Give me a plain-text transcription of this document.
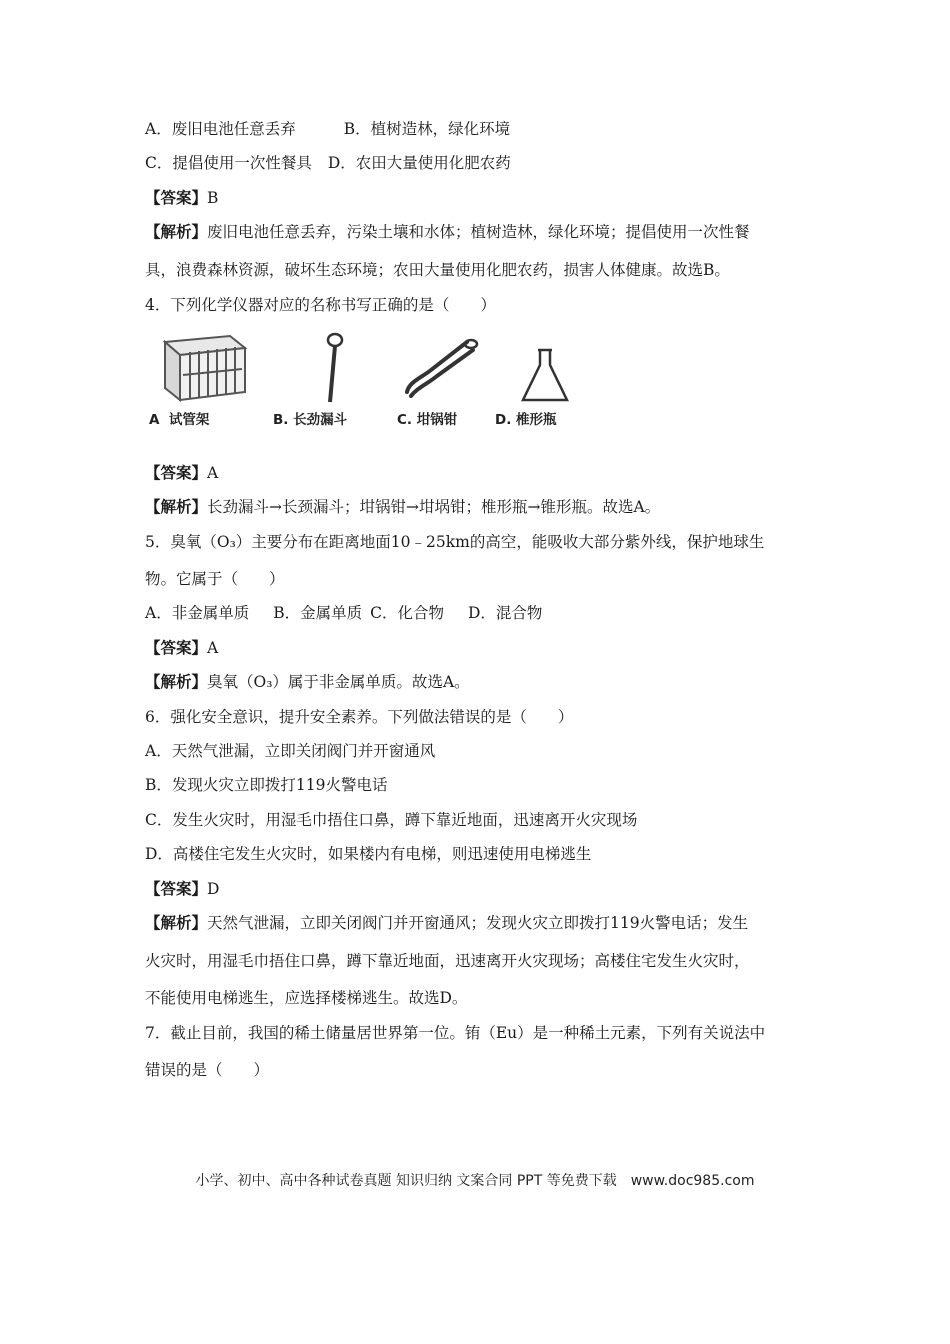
A．废旧电池任意丢弃	B．植树造林，绿化环境
C．提倡使用一次性餐具 D．农田大量使用化肥农药
【答案】B
【解析】废旧电池任意丢弃，污染土壤和水体；植树造林，绿化环境；提倡使用一次性餐
具，浪费森林资源，破坏生态环境；农田大量使用化肥农药，损害人体健康。故选B。
4．下列化学仪器对应的名称书写正确的是（　　）
A 试管架	B. 长劲漏斗	C. 坩锅钳	D. 椎形瓶
【答案】A
【解析】长劲漏斗→长颈漏斗；坩锅钳→坩埚钳；椎形瓶→锥形瓶。故选A。
5．臭氧（O₃）主要分布在距离地面10﹣25km的高空，能吸收大部分紫外线，保护地球生
物。它属于（　　）
A．非金属单质 B．金属单质 C．化合物 D．混合物
【答案】A
【解析】臭氧（O₃）属于非金属单质。故选A。
6．强化安全意识，提升安全素养。下列做法错误的是（　　）
A．天然气泄漏，立即关闭阀门并开窗通风
B．发现火灾立即拨打119火警电话
C．发生火灾时，用湿毛巾捂住口鼻，蹲下靠近地面，迅速离开火灾现场
D．高楼住宅发生火灾时，如果楼内有电梯，则迅速使用电梯逃生
【答案】D
【解析】天然气泄漏，立即关闭阀门并开窗通风；发现火灾立即拨打119火警电话；发生
火灾时，用湿毛巾捂住口鼻，蹲下靠近地面，迅速离开火灾现场；高楼住宅发生火灾时，
不能使用电梯逃生，应选择楼梯逃生。故选D。
7．截止目前，我国的稀土储量居世界第一位。铕（Eu）是一种稀土元素，下列有关说法中
错误的是（　　）
小学、初中、高中各种试卷真题 知识归纳 文案合同 PPT 等免费下载　www.doc985.com
